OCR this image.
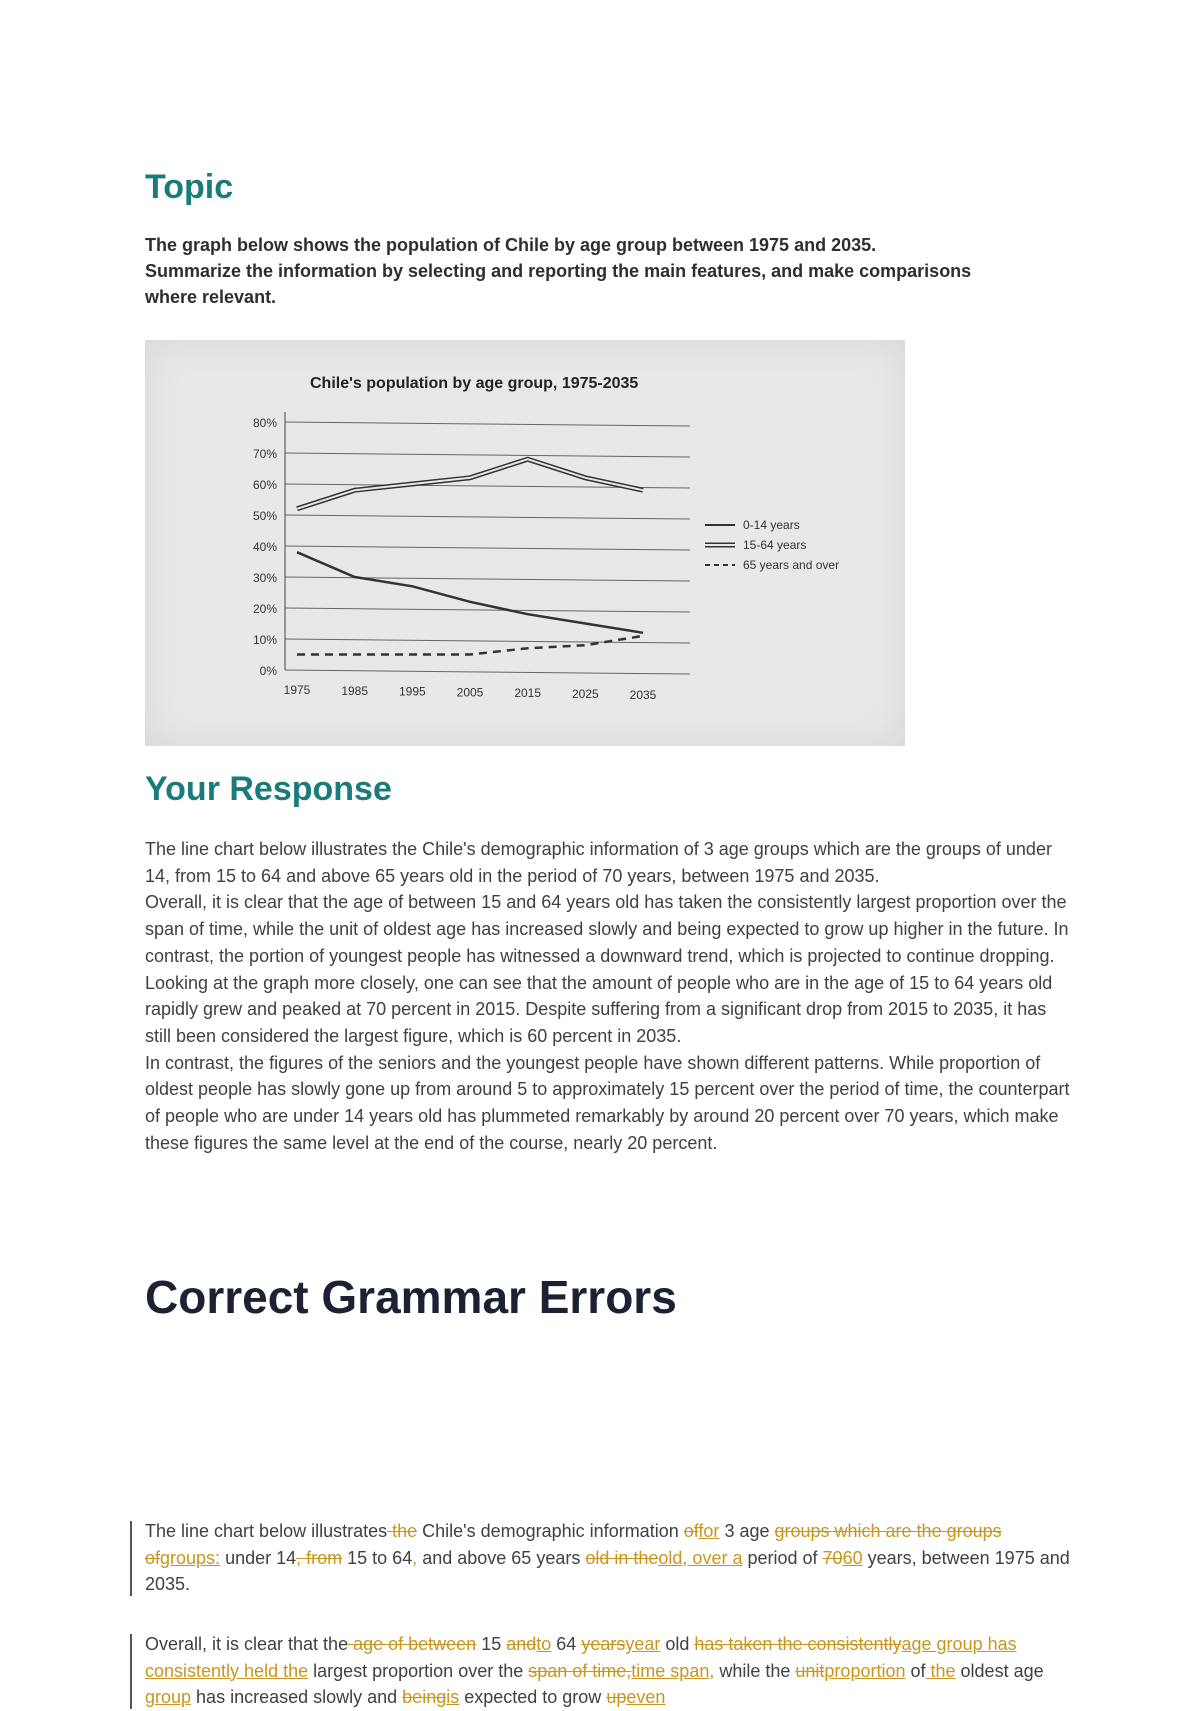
Topic
The graph below shows the population of Chile by age group between 1975 and 2035. Summarize the information by selecting and reporting the main features, and make comparisons where relevant.
Chile's population by age group, 1975-2035
0%
10%
20%
30%
40%
50%
60%
70%
80%
1975	1985	1995	2005	2015	2025	2035
0-14 years
15-64 years
65 years and over
Your Response

The line chart below illustrates the Chile's demographic information of 3 age groups which are the groups of under 14, from 15 to 64 and above 65 years old in the period of 70 years, between 1975 and 2035.

Overall, it is clear that the age of between 15 and 64 years old has taken the consistently largest proportion over the span of time, while the unit of oldest age has increased slowly and being expected to grow up higher in the future. In contrast, the portion of youngest people has witnessed a downward trend, which is projected to continue dropping.

Looking at the graph more closely, one can see that the amount of people who are in the age of 15 to 64 years old rapidly grew and peaked at 70 percent in 2015. Despite suffering from a significant drop from 2015 to 2035, it has still been considered the largest figure, which is 60 percent in 2035.

In contrast, the figures of the seniors and the youngest people have shown different patterns. While proportion of oldest people has slowly gone up from around 5 to approximately 15 percent over the period of time, the counterpart of people who are under 14 years old has plummeted remarkably by around 20 percent over 70 years, which make these figures the same level at the end of the course, nearly 20 percent.

Correct Grammar Errors

The line chart below illustrates the Chile's demographic information offor 3 age groups which are the groups ofgroups: under 14, from 15 to 64, and above 65 years old in theold, over a period of 7060 years, between 1975 and 2035.

Overall, it is clear that the age of between 15 andto 64 yearsyear old has taken the consistentlyage group has consistently held the largest proportion over the span of time,time span, while the unitproportion of the oldest age group has increased slowly and beingis expected to grow upeven
